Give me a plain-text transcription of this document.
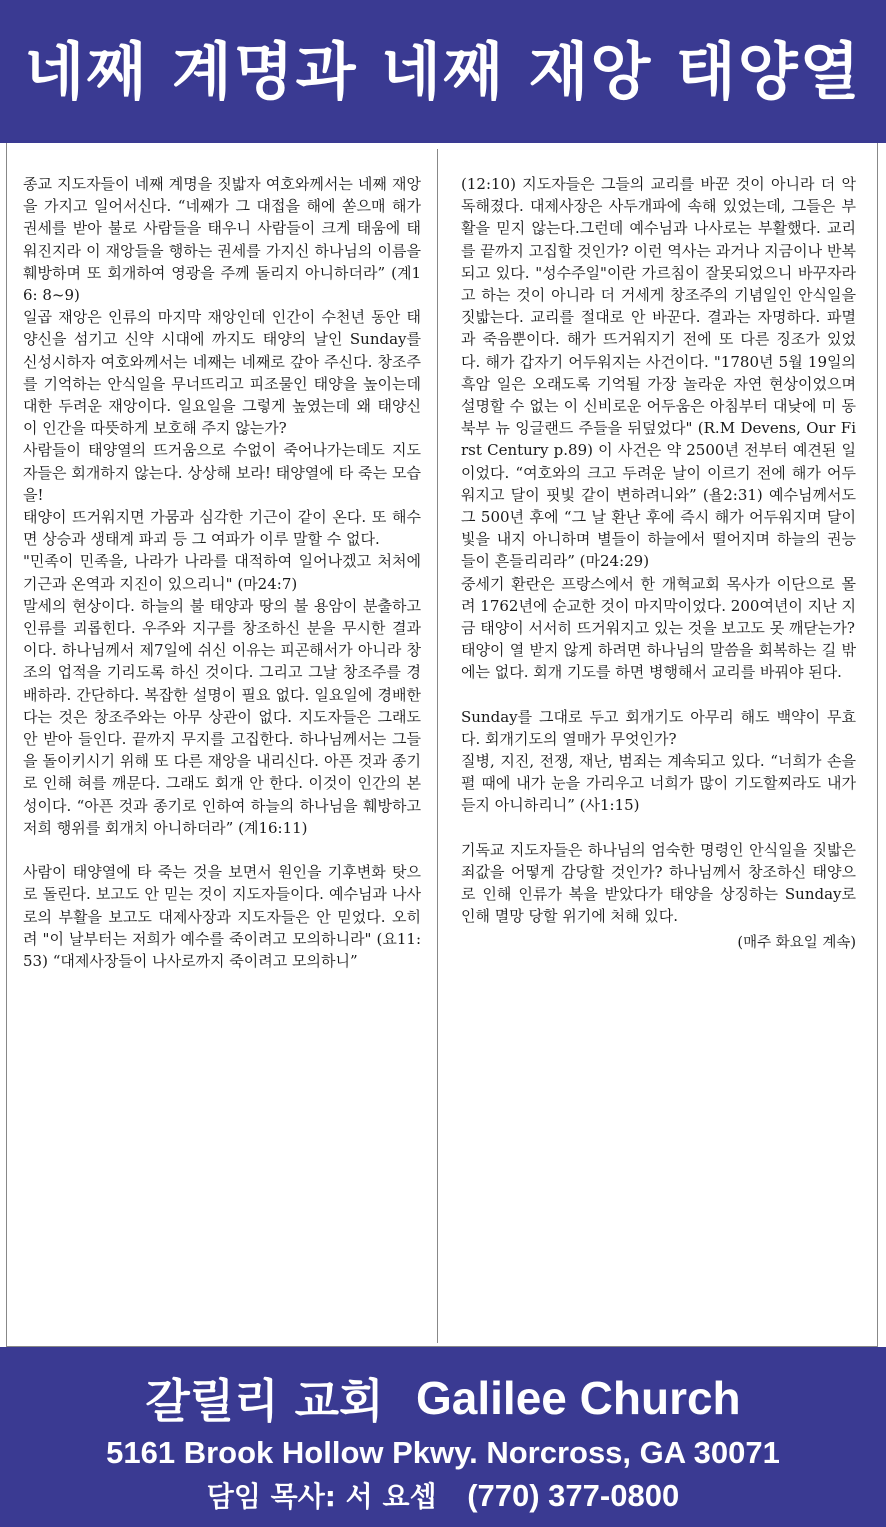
네째 계명과 네째 재앙 태양열

종교 지도자들이 네째 계명을 짓밟자 여호와께서는 네째 재앙을 가지고 일어서신다. “네째가 그 대접을 해에 쏟으매 해가 권세를 받아 불로 사람들을 태우니 사람들이 크게 태움에 태워진지라 이 재앙들을 행하는 권세를 가지신 하나님의 이름을 훼방하며 또 회개하여 영광을 주께 돌리지 아니하더라” (계16: 8~9)

일곱 재앙은 인류의 마지막 재앙인데 인간이 수천년 동안 태양신을 섬기고 신약 시대에 까지도 태양의 날인 Sunday를 신성시하자 여호와께서는 네째는 네째로 갚아 주신다. 창조주를 기억하는 안식일을 무너뜨리고 피조물인 태양을 높이는데 대한 두려운 재앙이다. 일요일을 그렇게 높였는데 왜 태양신이 인간을 따뜻하게 보호해 주지 않는가?

사람들이 태양열의 뜨거움으로 수없이 죽어나가는데도 지도자들은 회개하지 않는다. 상상해 보라! 태양열에 타 죽는 모습을!

태양이 뜨거워지면 가뭄과 심각한 기근이 같이 온다. 또 해수면 상승과 생태계 파괴 등 그 여파가 이루 말할 수 없다.

"민족이 민족을, 나라가 나라를 대적하여 일어나겠고 처처에 기근과 온역과 지진이 있으리니" (마24:7)

말세의 현상이다. 하늘의 불 태양과 땅의 불 용암이 분출하고 인류를 괴롭힌다. 우주와 지구를 창조하신 분을 무시한 결과이다. 하나님께서 제7일에 쉬신 이유는 피곤해서가 아니라 창조의 업적을 기리도록 하신 것이다. 그리고 그날 창조주를 경배하라. 간단하다. 복잡한 설명이 필요 없다. 일요일에 경배한다는 것은 창조주와는 아무 상관이 없다. 지도자들은 그래도 안 받아 들인다. 끝까지 무지를 고집한다. 하나님께서는 그들을 돌이키시기 위해 또 다른 재앙을 내리신다. 아픈 것과 종기로 인해 혀를 깨문다. 그래도 회개 안 한다. 이것이 인간의 본성이다. “아픈 것과 종기로 인하여 하늘의 하나님을 훼방하고 저희 행위를 회개치 아니하더라” (계16:11)

사람이 태양열에 타 죽는 것을 보면서 원인을 기후변화 탓으로 돌린다. 보고도 안 믿는 것이 지도자들이다. 예수님과 나사로의 부활을 보고도 대제사장과 지도자들은 안 믿었다. 오히려 "이 날부터는 저희가 예수를 죽이려고 모의하니라" (요11:53) “대제사장들이 나사로까지 죽이려고 모의하니”

(12:10) 지도자들은 그들의 교리를 바꾼 것이 아니라 더 악독해졌다. 대제사장은 사두개파에 속해 있었는데, 그들은 부활을 믿지 않는다.그런데 예수님과 나사로는 부활했다. 교리를 끝까지 고집할 것인가? 이런 역사는 과거나 지금이나 반복되고 있다. "성수주일"이란 가르침이 잘못되었으니 바꾸자라고 하는 것이 아니라 더 거세게 창조주의 기념일인 안식일을 짓밟는다. 교리를 절대로 안 바꾼다. 결과는 자명하다. 파멸과 죽음뿐이다. 해가 뜨거워지기 전에 또 다른 징조가 있었다. 해가 갑자기 어두워지는 사건이다. "1780년 5월 19일의 흑암 일은 오래도록 기억될 가장 놀라운 자연 현상이었으며 설명할 수 없는 이 신비로운 어두움은 아침부터 대낮에 미 동북부 뉴 잉글랜드 주들을 뒤덮었다" (R.M Devens, Our First Century p.89) 이 사건은 약 2500년 전부터 예견된 일이었다. “여호와의 크고 두려운 날이 이르기 전에 해가 어두워지고 달이 핏빛 같이 변하려니와” (욜2:31) 예수님께서도 그 500년 후에 “그 날 환난 후에 즉시 해가 어두워지며 달이 빛을 내지 아니하며 별들이 하늘에서 떨어지며 하늘의 권능들이 흔들리리라” (마24:29)

중세기 환란은 프랑스에서 한 개혁교회 목사가 이단으로 몰려 1762년에 순교한 것이 마지막이었다. 200여년이 지난 지금 태양이 서서히 뜨거워지고 있는 것을 보고도 못 깨닫는가?

태양이 열 받지 않게 하려면 하나님의 말씀을 회복하는 길 밖에는 없다. 회개 기도를 하면 병행해서 교리를 바꿔야 된다.

Sunday를 그대로 두고 회개기도 아무리 해도 백약이 무효다. 회개기도의 열매가 무엇인가?

질병, 지진, 전쟁, 재난, 범죄는 계속되고 있다. “너희가 손을 펼 때에 내가 눈을 가리우고 너희가 많이 기도할찌라도 내가 듣지 아니하리니” (사1:15)

기독교 지도자들은 하나님의 엄숙한 명령인 안식일을 짓밟은 죄값을 어떻게 감당할 것인가? 하나님께서 창조하신 태양으로 인해 인류가 복을 받았다가 태양을 상징하는 Sunday로 인해 멸망 당할 위기에 처해 있다.

(매주 화요일 계속)

갈릴리 교회 Galilee Church
5161 Brook Hollow Pkwy. Norcross, GA 30071
담임 목사: 서 요셉 (770) 377-0800
